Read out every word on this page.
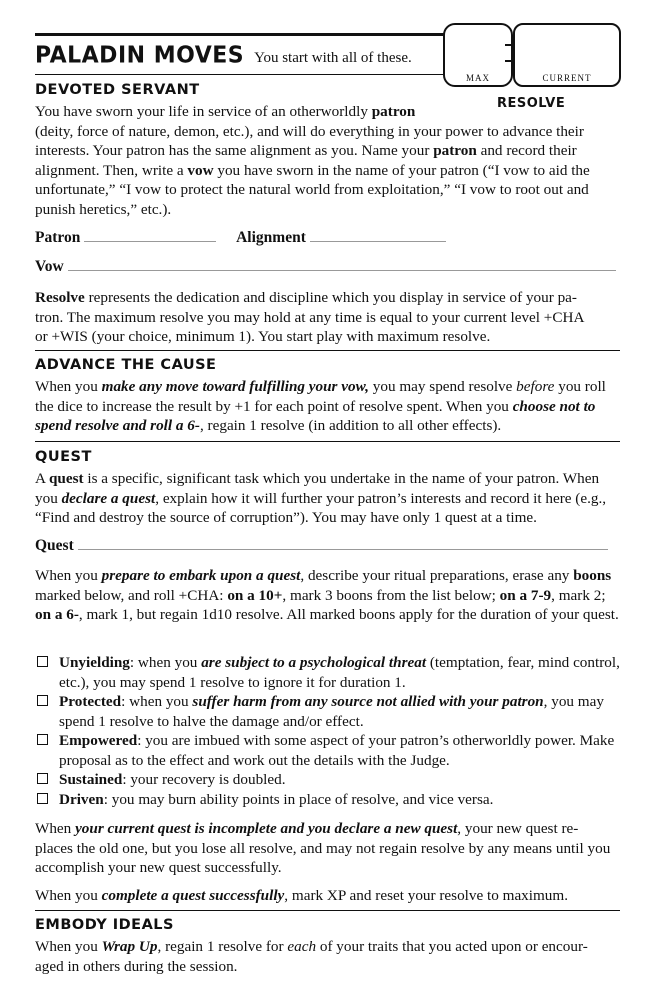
PALADIN MOVES You start with all of these.
MAX	CURRENT
RESOLVE
DEVOTED SERVANT
You have sworn your life in service of an otherworldly patron
(deity, force of nature, demon, etc.), and will do everything in your power to advance their interests. Your patron has the same alignment as you. Name your patron and record their alignment. Then, write a vow you have sworn in the name of your patron (“I vow to aid the unfortunate,” “I vow to protect the natural world from exploitation,” “I vow to root out and punish heretics,” etc.).
Patron	Alignment
Vow
Resolve represents the dedication and discipline which you display in service of your pa-
tron. The maximum resolve you may hold at any time is equal to your current level +CHA
or +WIS (your choice, minimum 1). You start play with maximum resolve.
ADVANCE THE CAUSE
When you make any move toward fulfilling your vow, you may spend resolve before you roll the dice to increase the result by +1 for each point of resolve spent. When you choose not to spend resolve and roll a 6-, regain 1 resolve (in addition to all other effects).
QUEST
A quest is a specific, significant task which you undertake in the name of your patron. When you declare a quest, explain how it will further your patron’s interests and record it here (e.g., “Find and destroy the source of corruption”). You may have only 1 quest at a time.
Quest
When you prepare to embark upon a quest, describe your ritual preparations, erase any boons marked below, and roll +CHA: on a 10+, mark 3 boons from the list below; on a 7-9, mark 2; on a 6-, mark 1, but regain 1d10 resolve. All marked boons apply for the duration of your quest.
Unyielding: when you are subject to a psychological threat (temptation, fear, mind control, etc.), you may spend 1 resolve to ignore it for duration 1.
Protected: when you suffer harm from any source not allied with your patron, you may spend 1 resolve to halve the damage and/or effect.
Empowered: you are imbued with some aspect of your patron’s otherworldly power. Make proposal as to the effect and work out the details with the Judge.
Sustained: your recovery is doubled.
Driven: you may burn ability points in place of resolve, and vice versa.
When your current quest is incomplete and you declare a new quest, your new quest re-
places the old one, but you lose all resolve, and may not regain resolve by any means until you accomplish your new quest successfully.
When you complete a quest successfully, mark XP and reset your resolve to maximum.
EMBODY IDEALS
When you Wrap Up, regain 1 resolve for each of your traits that you acted upon or encour-
aged in others during the session.
